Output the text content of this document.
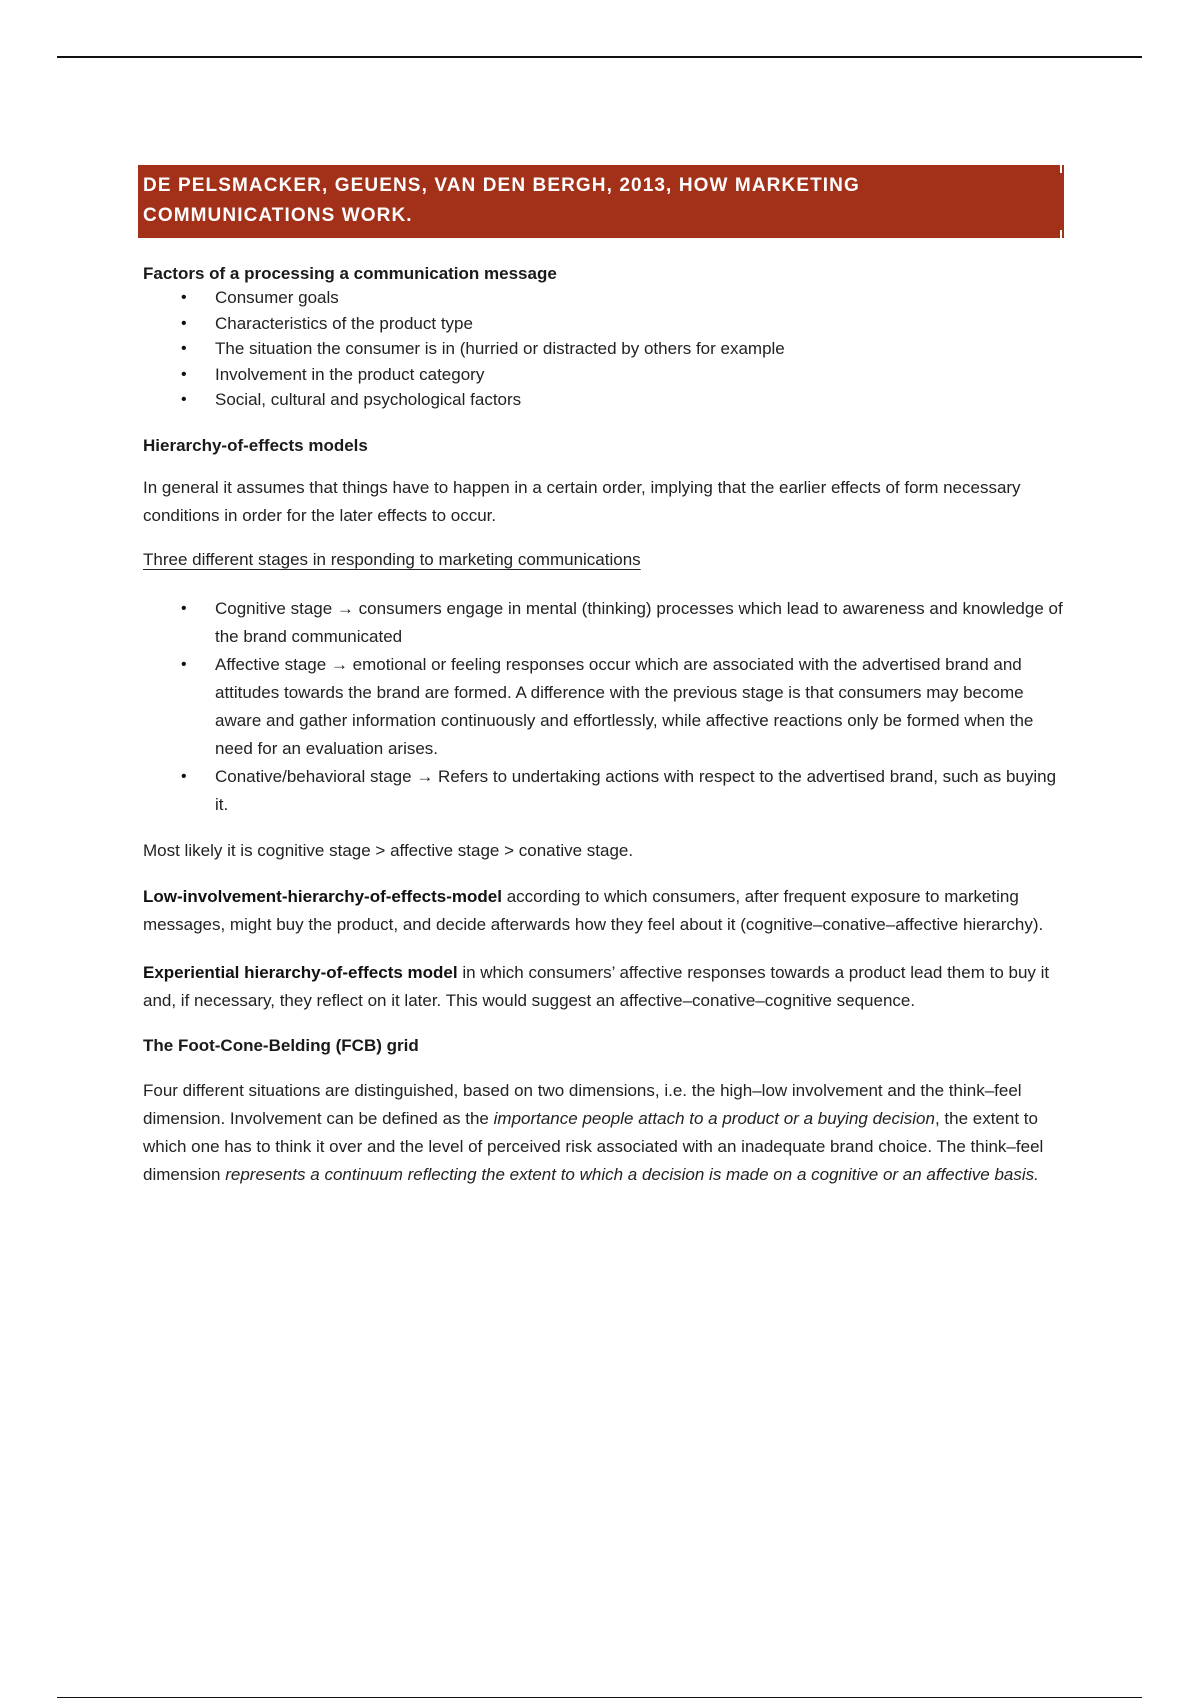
DE PELSMACKER, GEUENS, VAN DEN BERGH, 2013, HOW MARKETING
COMMUNICATIONS WORK.

Factors of a processing a communication message

• Consumer goals
• Characteristics of the product type
• The situation the consumer is in (hurried or distracted by others for example
• Involvement in the product category
• Social, cultural and psychological factors

Hierarchy-of-effects models

In general it assumes that things have to happen in a certain order, implying that the earlier effects of form necessary conditions in order for the later effects to occur.

Three different stages in responding to marketing communications

• Cognitive stage → consumers engage in mental (thinking) processes which lead to awareness and knowledge of the brand communicated
• Affective stage → emotional or feeling responses occur which are associated with the advertised brand and attitudes towards the brand are formed. A difference with the previous stage is that consumers may become aware and gather information continuously and effortlessly, while affective reactions only be formed when the need for an evaluation arises.
• Conative/behavioral stage → Refers to undertaking actions with respect to the advertised brand, such as buying it.

Most likely it is cognitive stage > affective stage > conative stage.

Low-involvement-hierarchy-of-effects-model according to which consumers, after frequent exposure to marketing messages, might buy the product, and decide afterwards how they feel about it (cognitive–conative–affective hierarchy).

Experiential hierarchy-of-effects model in which consumers’ affective responses towards a product lead them to buy it and, if necessary, they reflect on it later. This would suggest an affective–conative–cognitive sequence.

The Foot-Cone-Belding (FCB) grid

Four different situations are distinguished, based on two dimensions, i.e. the high–low involvement and the think–feel dimension. Involvement can be defined as the importance people attach to a product or a buying decision, the extent to which one has to think it over and the level of perceived risk associated with an inadequate brand choice. The think–feel dimension represents a continuum reflecting the extent to which a decision is made on a cognitive or an affective basis.
